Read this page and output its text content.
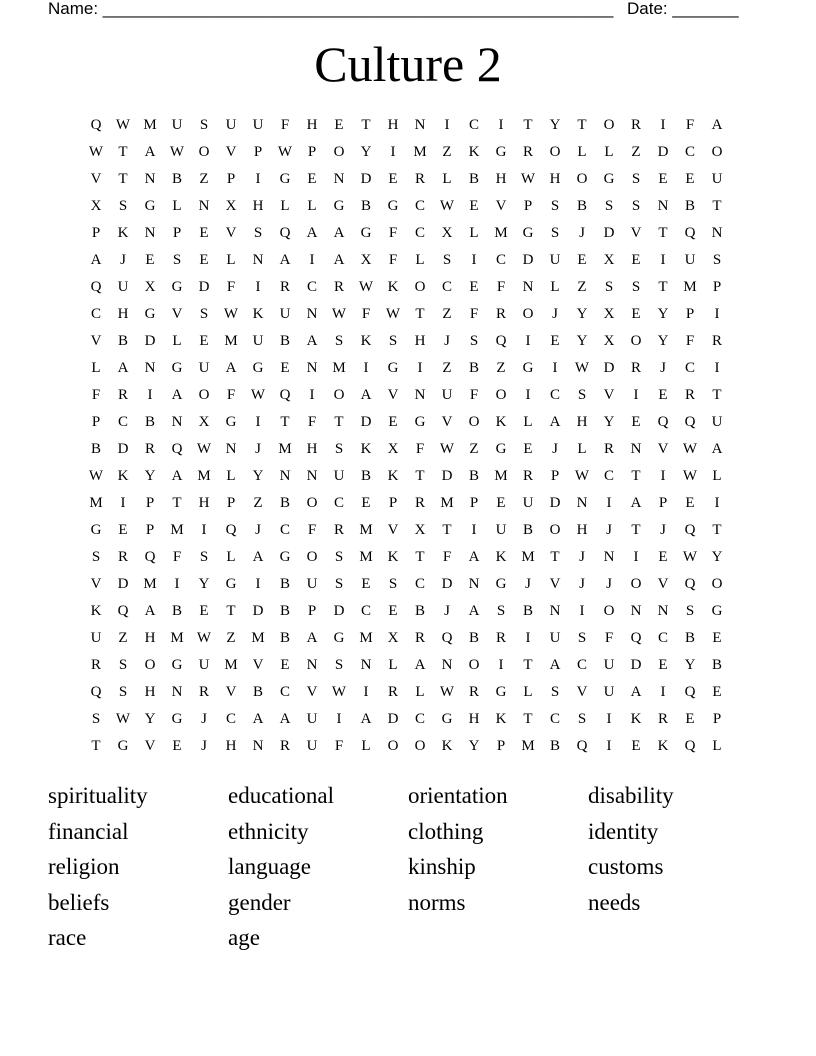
Name: ______________________________________________________ Date: _______
Culture 2
Q W M U	S	U	U	F	H	E	T	H	N	I	C	I	T	Y	T	O	R	I	F	A
W	T	A W O	V	P	W	P	O	Y	I	M	Z	K	G	R	O	L	L	Z	D	C	O
V	T	N	B	Z	P	I	G	E	N	D	E	R	L	B	H W H	O	G	S	E	E	U
X	S	G	L	N	X	H	L	L	G	B	G	C W	E	V	P	S	B	S	S	N	B	T
P	K	N	P	E	V	S	Q	A	A	G	F	C	X	L	M G	S	J	D	V	T	Q	N
A	J	E	S	E	L	N	A	I	A	X	F	L	S	I	C	D	U	E	X	E	I	U	S
Q	U	X	G	D	F	I	R	C	R W K	O	C	E	F	N	L	Z	S	S	T	M	P
C	H	G	V	S	W K	U	N W	F	W	T	Z	F	R	O	J	Y	X	E	Y	P	I
V	B	D	L	E	M U	B	A	S	K	S	H	J	S	Q	I	E	Y	X	O	Y	F	R
L	A	N	G	U	A	G	E	N M	I	G	I	Z	B	Z	G	I	W D	R	J	C	I
F	R	I	A	O	F	W Q	I	O	A	V	N	U	F	O	I	C	S	V	I	E	R	T
P	C	B	N	X	G	I	T	F	T	D	E	G	V	O	K	L	A	H	Y	E	Q	Q	U
B	D	R	Q W N	J	M H	S	K	X	F	W	Z	G	E	J	L	R	N	V W A
W K	Y	A M	L	Y	N	N	U	B	K	T	D	B	M	R	P	W C	T	I	W	L
M	I	P	T	H	P	Z	B	O	C	E	P	R	M	P	E	U	D	N	I	A	P	E	I
G	E	P	M	I	Q	J	C	F	R	M V	X	T	I	U	B	O	H	J	T	J	Q	T
S	R	Q	F	S	L	A	G	O	S	M K	T	F	A	K M	T	J	N	I	E	W Y
V	D M	I	Y	G	I	B	U	S	E	S	C	D	N	G	J	V	J	J	O	V	Q	O
K	Q	A	B	E	T	D	B	P	D	C	E	B	J	A	S	B	N	I	O	N	N	S	G
U	Z	H M W	Z	M	B	A	G M X	R	Q	B	R	I	U	S	F	Q	C	B	E
R	S	O	G	U M V	E	N	S	N	L	A	N	O	I	T	A	C	U	D	E	Y	B
Q	S	H	N	R	V	B	C	V W	I	R	L	W R	G	L	S	V	U	A	I	Q	E
S	W Y	G	J	C	A	A	U	I	A	D	C	G	H	K	T	C	S	I	K	R	E	P
T	G	V	E	J	H	N	R	U	F	L	O	O	K	Y	P	M	B	Q	I	E	K	Q	L
spirituality
financial
religion
beliefs
race
educational
ethnicity
language
gender
age
orientation
clothing
kinship
norms
disability
identity
customs
needs
